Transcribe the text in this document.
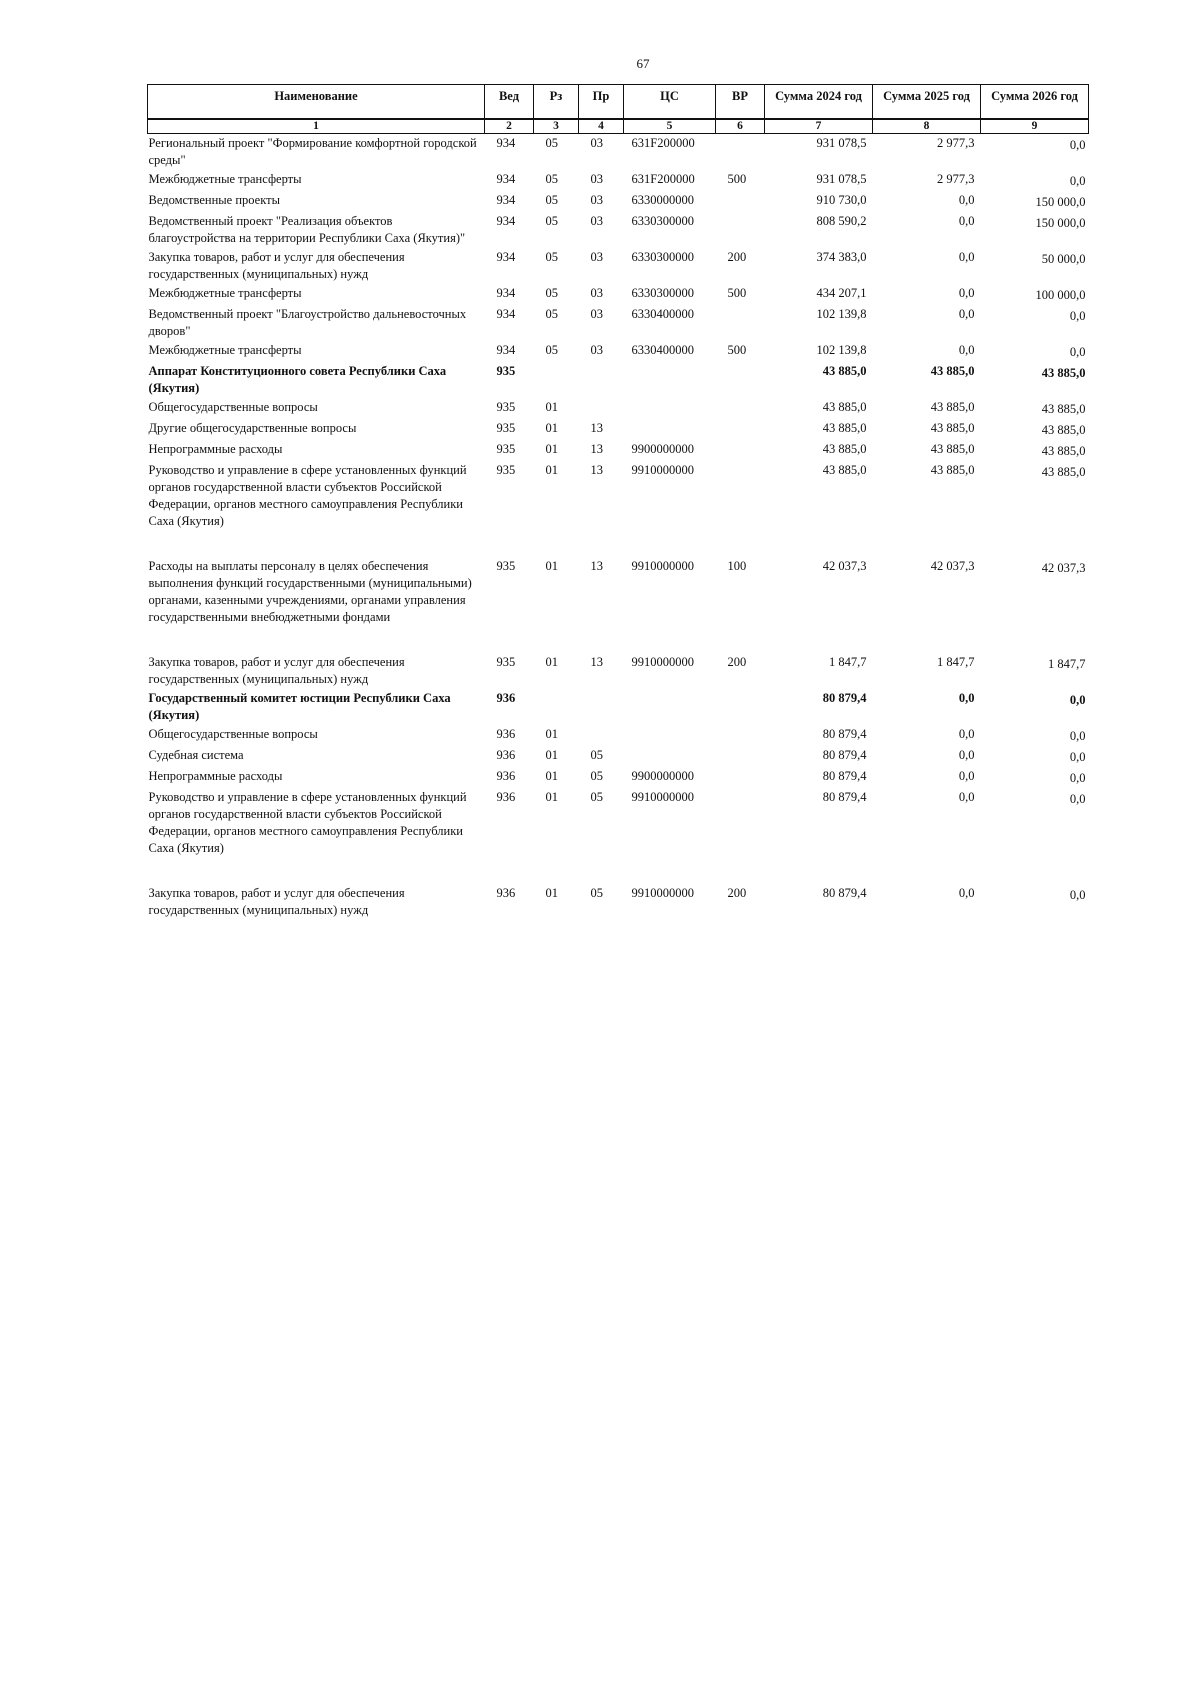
67
Наименование	Вед	Рз	Пр	ЦС	ВР	Сумма 2024 год	Сумма 2025 год	Сумма 2026 год
1	2	3	4	5	6	7	8	9
Региональный проект "Формирование комфортной городской среды"	934	05	03	631F200000		931 078,5	2 977,3	0,0
Межбюджетные трансферты	934	05	03	631F200000	500	931 078,5	2 977,3	0,0
Ведомственные проекты	934	05	03	6330000000		910 730,0	0,0	150 000,0
Ведомственный проект "Реализация объектов благоустройства на территории Республики Саха (Якутия)"	934	05	03	6330300000		808 590,2	0,0	150 000,0
Закупка товаров, работ и услуг для обеспечения государственных (муниципальных) нужд	934	05	03	6330300000	200	374 383,0	0,0	50 000,0
Межбюджетные трансферты	934	05	03	6330300000	500	434 207,1	0,0	100 000,0
Ведомственный проект "Благоустройство дальневосточных дворов"	934	05	03	6330400000		102 139,8	0,0	0,0
Межбюджетные трансферты	934	05	03	6330400000	500	102 139,8	0,0	0,0
Аппарат Конституционного совета Республики Саха (Якутия)	935					43 885,0	43 885,0	43 885,0
Общегосударственные вопросы	935	01				43 885,0	43 885,0	43 885,0
Другие общегосударственные вопросы	935	01	13			43 885,0	43 885,0	43 885,0
Непрограммные расходы	935	01	13	9900000000		43 885,0	43 885,0	43 885,0
Руководство и управление в сфере установленных функций органов государственной власти субъектов Российской Федерации, органов местного самоуправления Республики Саха (Якутия)	935	01	13	9910000000		43 885,0	43 885,0	43 885,0
Расходы на выплаты персоналу в целях обеспечения выполнения функций государственными (муниципальными) органами, казенными учреждениями, органами управления государственными внебюджетными фондами	935	01	13	9910000000	100	42 037,3	42 037,3	42 037,3
Закупка товаров, работ и услуг для обеспечения государственных (муниципальных) нужд	935	01	13	9910000000	200	1 847,7	1 847,7	1 847,7
Государственный комитет юстиции Республики Саха (Якутия)	936					80 879,4	0,0	0,0
Общегосударственные вопросы	936	01				80 879,4	0,0	0,0
Судебная система	936	01	05			80 879,4	0,0	0,0
Непрограммные расходы	936	01	05	9900000000		80 879,4	0,0	0,0
Руководство и управление в сфере установленных функций органов государственной власти субъектов Российской Федерации, органов местного самоуправления Республики Саха (Якутия)	936	01	05	9910000000		80 879,4	0,0	0,0
Закупка товаров, работ и услуг для обеспечения государственных (муниципальных) нужд	936	01	05	9910000000	200	80 879,4	0,0	0,0
